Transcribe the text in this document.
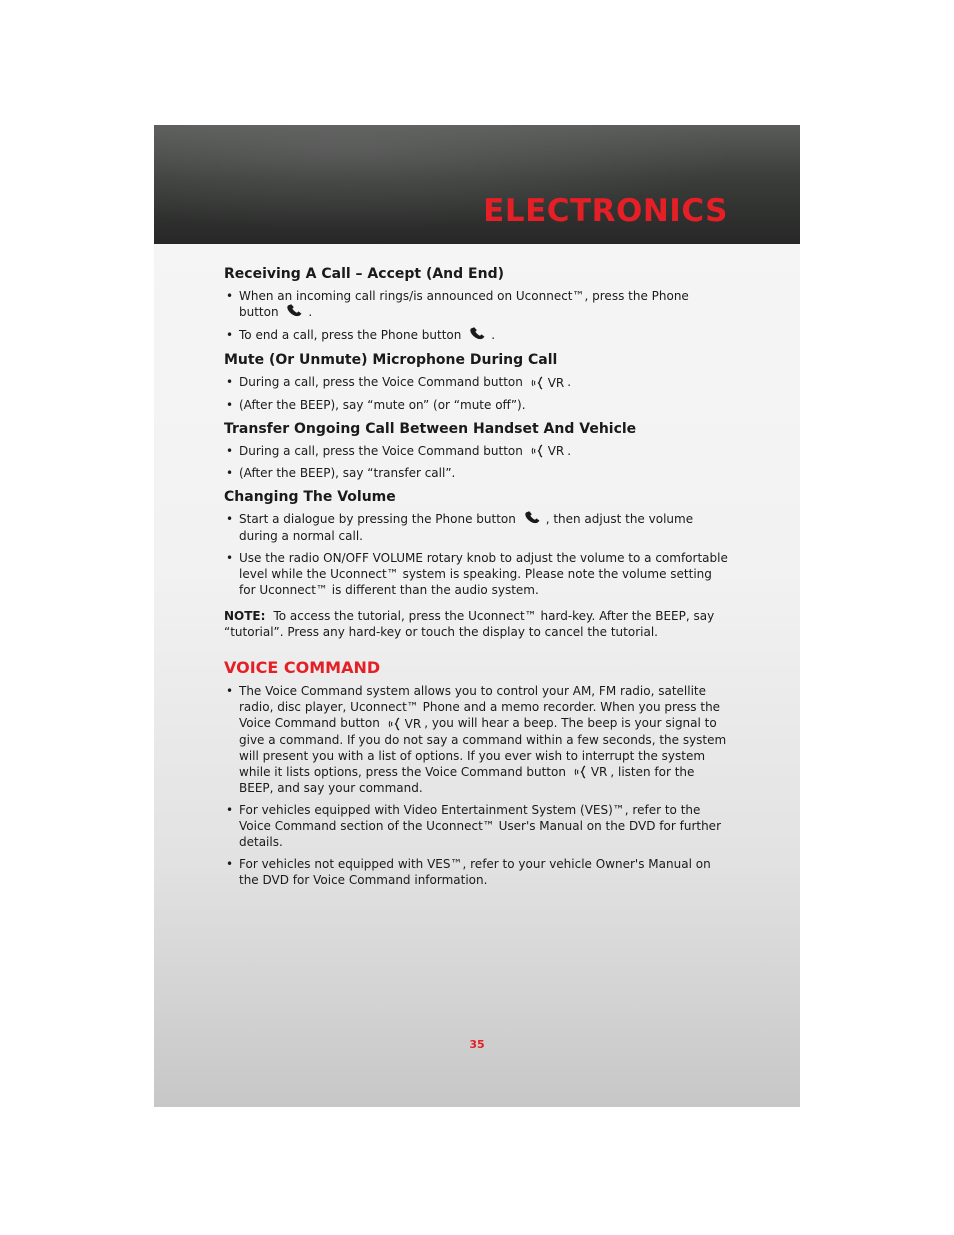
ELECTRONICS
Receiving A Call – Accept (And End)
• When an incoming call rings/is announced on Uconnect™, press the Phone button .
• To end a call, press the Phone button .
Mute (Or Unmute) Microphone During Call
• During a call, press the Voice Command button VR .
• (After the BEEP), say “mute on” (or “mute off”).
Transfer Ongoing Call Between Handset And Vehicle
• During a call, press the Voice Command button VR .
• (After the BEEP), say “transfer call”.
Changing The Volume
• Start a dialogue by pressing the Phone button , then adjust the volume during a normal call.
• Use the radio ON/OFF VOLUME rotary knob to adjust the volume to a comfortable level while the Uconnect™ system is speaking. Please note the volume setting for Uconnect™ is different than the audio system.
NOTE: To access the tutorial, press the Uconnect™ hard-key. After the BEEP, say “tutorial”. Press any hard-key or touch the display to cancel the tutorial.
VOICE COMMAND
• The Voice Command system allows you to control your AM, FM radio, satellite radio, disc player, Uconnect™ Phone and a memo recorder. When you press the Voice Command button VR , you will hear a beep. The beep is your signal to give a command. If you do not say a command within a few seconds, the system will present you with a list of options. If you ever wish to interrupt the system while it lists options, press the Voice Command button VR , listen for the BEEP, and say your command.
• For vehicles equipped with Video Entertainment System (VES)™, refer to the Voice Command section of the Uconnect™ User's Manual on the DVD for further details.
• For vehicles not equipped with VES™, refer to your vehicle Owner's Manual on the DVD for Voice Command information.
35
